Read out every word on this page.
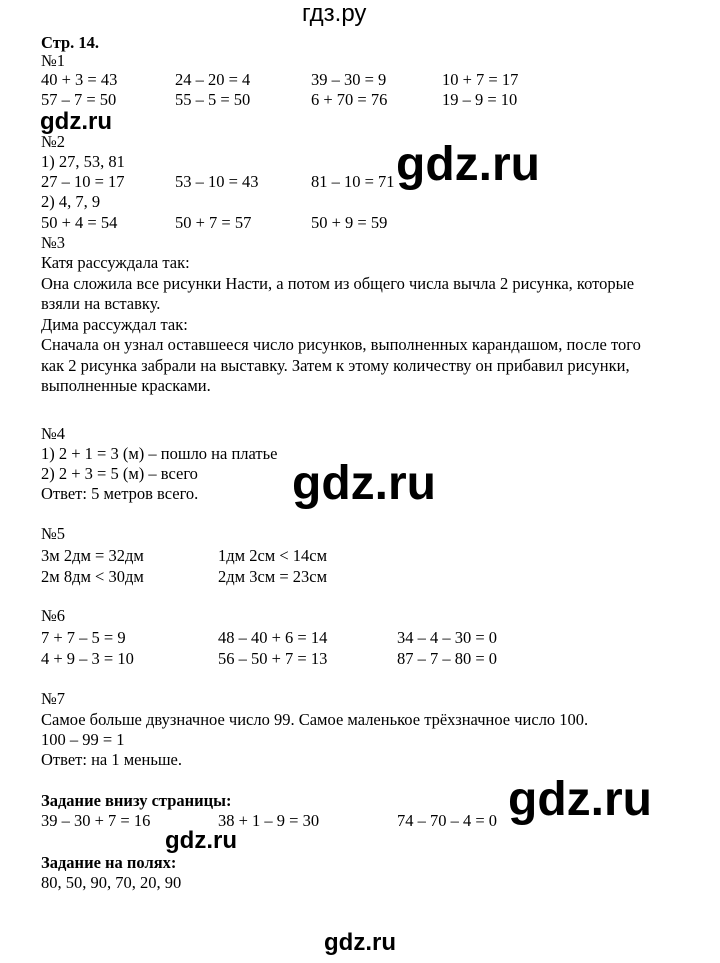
гдз.ру
Стр. 14.
№1
40 + 3 = 43	24 – 20 = 4	39 – 30 = 9	10 + 7 = 17
57 – 7 = 50	55 – 5 = 50	6 + 70 = 76	19 – 9 = 10
gdz.ru
№2
1) 27, 53, 81
27 – 10 = 17	53 – 10 = 43	81 – 10 = 71
2) 4, 7, 9
50 + 4 = 54	50 + 7 = 57	50 + 9 = 59
gdz.ru
№3
Катя рассуждала так:
Она сложила все рисунки Насти, а потом из общего числа вычла 2 рисунка, которые
взяли на вставку.
Дима рассуждал так:
Сначала он узнал оставшееся число рисунков, выполненных карандашом, после того
как 2 рисунка забрали на выставку. Затем к этому количеству он прибавил рисунки,
выполненные красками.
№4
1) 2 + 1 = 3 (м) – пошло на платье
2) 2 + 3 = 5 (м) – всего
Ответ: 5 метров всего. gdz.ru
№5
3м 2дм = 32дм	1дм 2см < 14см
2м 8дм < 30дм	2дм 3см = 23см
№6
7 + 7 – 5 = 9	48 – 40 + 6 = 14	34 – 4 – 30 = 0
4 + 9 – 3 = 10	56 – 50 + 7 = 13	87 – 7 – 80 = 0
№7
Самое больше двузначное число 99. Самое маленькое трёхзначное число 100.
100 – 99 = 1
Ответ: на 1 меньше.
Задание внизу страницы:
39 – 30 + 7 = 16	38 + 1 – 9 = 30	74 – 70 – 4 = 0 gdz.ru
gdz.ru
Задание на полях:
80, 50, 90, 70, 20, 90
gdz.ru
